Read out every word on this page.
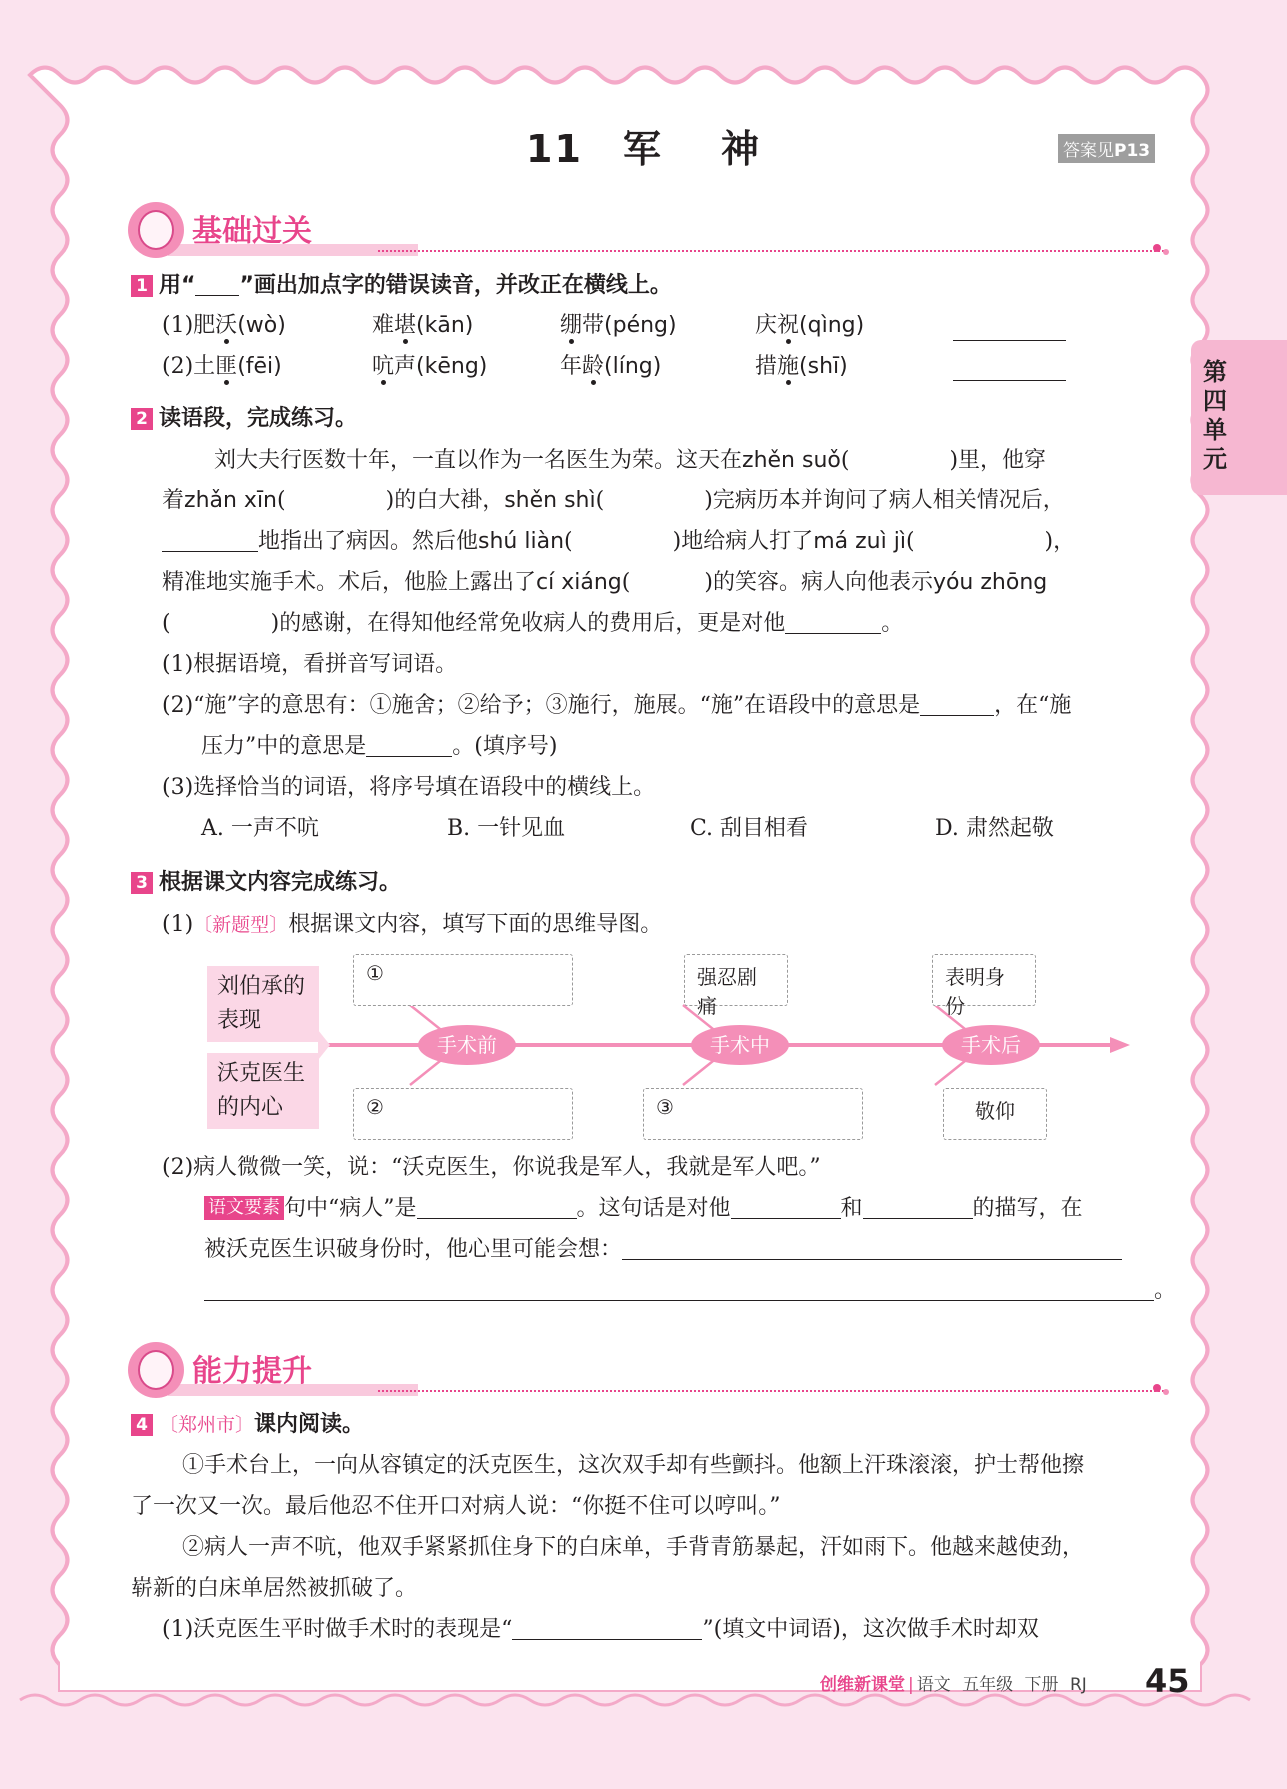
11 军 神	答案见P13
第四单元
基础过关
1 用“ ”画出加点字的错误读音，并改正在横线上。
(1)肥沃(wò)	难堪(kān)	绷带(péng)	庆祝(qìng)
(2)土匪(fēi)	吭声(kēng)	年龄(líng)	措施(shī)
2 读语段，完成练习。
刘大夫行医数十年，一直以作为一名医生为荣。这天在zhěn suǒ(	)里，他穿
着zhǎn xīn(	)的白大褂，shěn shì(	)完病历本并询问了病人相关情况后，
地指出了病因。然后他shú liàn(	)地给病人打了má zuì jì(	)，
精准地实施手术。术后，他脸上露出了cí xiáng(	)的笑容。病人向他表示yóu zhōng
(	)的感谢，在得知他经常免收病人的费用后，更是对他	。
(1)根据语境，看拼音写词语。
(2)“施”字的意思有：①施舍；②给予；③施行，施展。“施”在语段中的意思是	，在“施
压力”中的意思是	。(填序号)
(3)选择恰当的词语，将序号填在语段中的横线上。
A. 一声不吭	B. 一针见血	C. 刮目相看	D. 肃然起敬
3 根据课文内容完成练习。
(1)〔新题型〕根据课文内容，填写下面的思维导图。
刘伯承的表现
沃克医生的内心
手术前	手术中	手术后
①	强忍剧痛
表明身份
②	③	敬仰
(2)病人微微一笑，说：“沃克医生，你说我是军人，我就是军人吧。”
语文要素 句中“病人”是	。这句话是对他	和	的描写，在
被沃克医生识破身份时，他心里可能会想：
。
能力提升
4 〔郑州市〕课内阅读。
①手术台上，一向从容镇定的沃克医生，这次双手却有些颤抖。他额上汗珠滚滚，护士帮他擦
了一次又一次。最后他忍不住开口对病人说：“你挺不住可以哼叫。”
②病人一声不吭，他双手紧紧抓住身下的白床单，手背青筋暴起，汗如雨下。他越来越使劲，
崭新的白床单居然被抓破了。
(1)沃克医生平时做手术时的表现是“	”(填文中词语)，这次做手术时却双
创维新课堂 | 语文 五年级 下册 RJ 45
